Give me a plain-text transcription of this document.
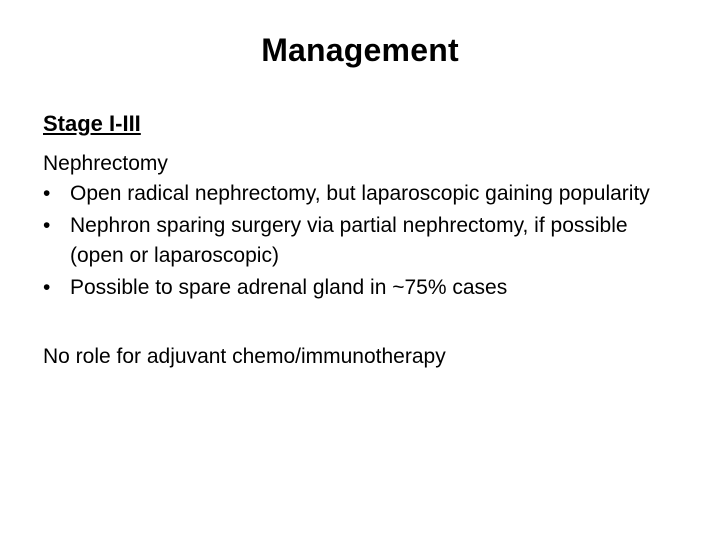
Management
Stage I-III
Nephrectomy
• Open radical nephrectomy, but laparoscopic gaining popularity
• Nephron sparing surgery via partial nephrectomy, if possible (open or laparoscopic)
• Possible to spare adrenal gland in ~75% cases
No role for adjuvant chemo/immunotherapy
